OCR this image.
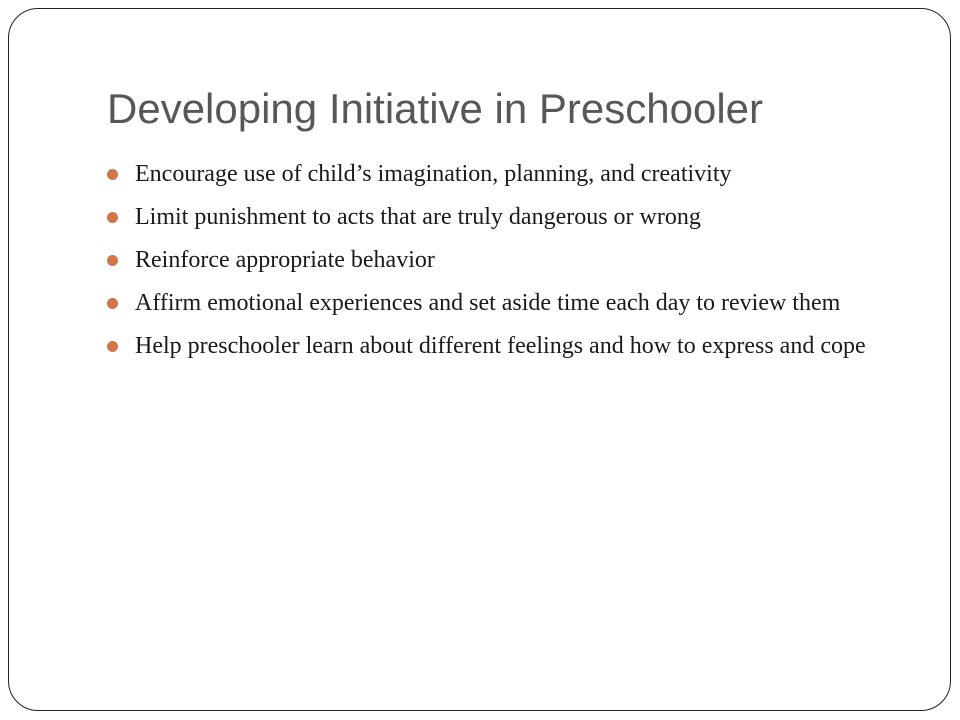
Developing Initiative in Preschooler
Encourage use of child’s imagination, planning, and creativity
Limit punishment to acts that are truly dangerous or wrong
Reinforce appropriate behavior
Affirm emotional experiences and set aside time each day to review them
Help preschooler learn about different feelings and how to express and cope
